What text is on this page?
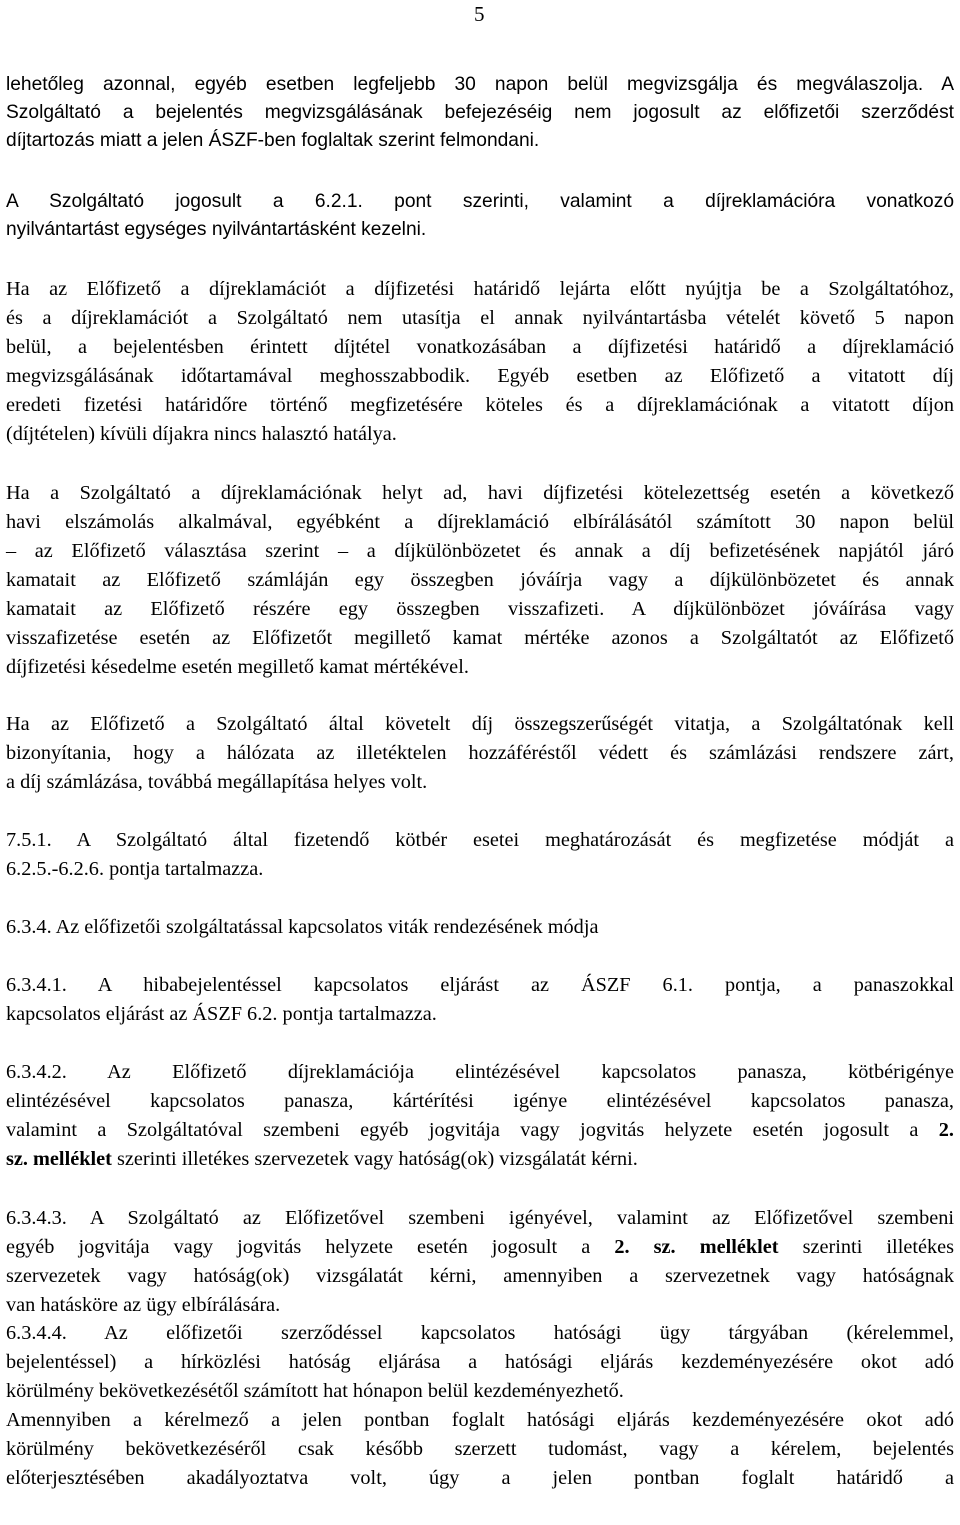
5
lehetőleg azonnal, egyéb esetben legfeljebb 30 napon belül megvizsgálja és megválaszolja. A
Szolgáltató a bejelentés megvizsgálásának befejezéséig nem jogosult az előfizetői szerződést
díjtartozás miatt a jelen ÁSZF-ben foglaltak szerint felmondani.
A Szolgáltató jogosult a 6.2.1. pont szerinti, valamint a díjreklamációra vonatkozó
nyilvántartást egységes nyilvántartásként kezelni.
Ha az Előfizető a díjreklamációt a díjfizetési határidő lejárta előtt nyújtja be a Szolgáltatóhoz,
és a díjreklamációt a Szolgáltató nem utasítja el annak nyilvántartásba vételét követő 5 napon
belül, a bejelentésben érintett díjtétel vonatkozásában a díjfizetési határidő a díjreklamáció
megvizsgálásának időtartamával meghosszabbodik. Egyéb esetben az Előfizető a vitatott díj
eredeti fizetési határidőre történő megfizetésére köteles és a díjreklamációnak a vitatott díjon
(díjtételen) kívüli díjakra nincs halasztó hatálya.
Ha a Szolgáltató a díjreklamációnak helyt ad, havi díjfizetési kötelezettség esetén a következő
havi elszámolás alkalmával, egyébként a díjreklamáció elbírálásától számított 30 napon belül
– az Előfizető választása szerint – a díjkülönbözetet és annak a díj befizetésének napjától járó
kamatait az Előfizető számláján egy összegben jóváírja vagy a díjkülönbözetet és annak
kamatait az Előfizető részére egy összegben visszafizeti. A díjkülönbözet jóváírása vagy
visszafizetése esetén az Előfizetőt megillető kamat mértéke azonos a Szolgáltatót az Előfizető
díjfizetési késedelme esetén megillető kamat mértékével.
Ha az Előfizető a Szolgáltató által követelt díj összegszerűségét vitatja, a Szolgáltatónak kell
bizonyítania, hogy a hálózata az illetéktelen hozzáféréstől védett és számlázási rendszere zárt,
a díj számlázása, továbbá megállapítása helyes volt.
7.5.1. A Szolgáltató által fizetendő kötbér esetei meghatározását és megfizetése módját a
6.2.5.-6.2.6. pontja tartalmazza.
6.3.4. Az előfizetői szolgáltatással kapcsolatos viták rendezésének módja
6.3.4.1. A hibabejelentéssel kapcsolatos eljárást az ÁSZF 6.1. pontja, a panaszokkal
kapcsolatos eljárást az ÁSZF 6.2. pontja tartalmazza.
6.3.4.2. Az Előfizető díjreklamációja elintézésével kapcsolatos panasza, kötbérigénye
elintézésével kapcsolatos panasza, kártérítési igénye elintézésével kapcsolatos panasza,
valamint a Szolgáltatóval szembeni egyéb jogvitája vagy jogvitás helyzete esetén jogosult a 2.
sz. melléklet szerinti illetékes szervezetek vagy hatóság(ok) vizsgálatát kérni.
6.3.4.3. A Szolgáltató az Előfizetővel szembeni igényével, valamint az Előfizetővel szembeni
egyéb jogvitája vagy jogvitás helyzete esetén jogosult a 2. sz. melléklet szerinti illetékes
szervezetek vagy hatóság(ok) vizsgálatát kérni, amennyiben a szervezetnek vagy hatóságnak
van hatásköre az ügy elbírálására.
6.3.4.4. Az előfizetői szerződéssel kapcsolatos hatósági ügy tárgyában (kérelemmel,
bejelentéssel) a hírközlési hatóság eljárása a hatósági eljárás kezdeményezésére okot adó
körülmény bekövetkezésétől számított hat hónapon belül kezdeményezhető.
Amennyiben a kérelmező a jelen pontban foglalt hatósági eljárás kezdeményezésére okot adó
körülmény bekövetkezéséről csak később szerzett tudomást, vagy a kérelem, bejelentés
előterjesztésében akadályoztatva volt, úgy a jelen pontban foglalt határidő a
